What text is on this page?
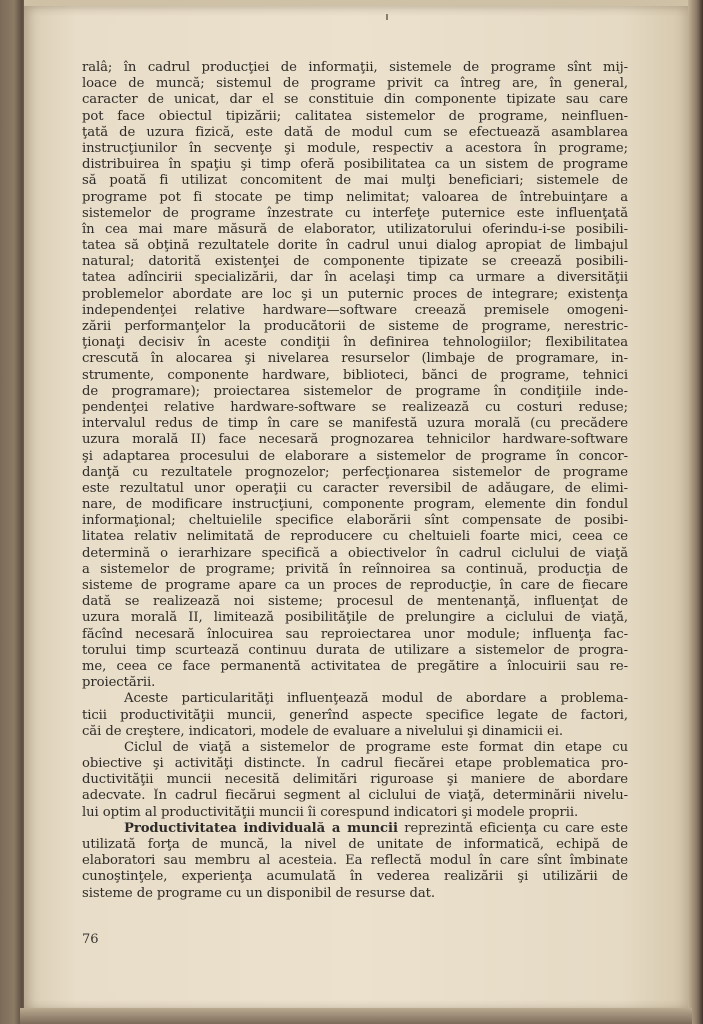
ralâ; în cadrul producţiei de informaţii, sistemele de programe sînt mij-
loace de muncă; sistemul de programe privit ca întreg are, în general,
caracter de unicat, dar el se constituie din componente tipizate sau care
pot face obiectul tipizării; calitatea sistemelor de programe, neinfluen-
ţată de uzura fizică, este dată de modul cum se efectuează asamblarea
instrucţiunilor în secvenţe şi module, respectiv a acestora în programe;
distribuirea în spaţiu şi timp oferă posibilitatea ca un sistem de programe
să poată fi utilizat concomitent de mai mulţi beneficiari; sistemele de
programe pot fi stocate pe timp nelimitat; valoarea de întrebuinţare a
sistemelor de programe înzestrate cu interfeţe puternice este influenţată
în cea mai mare măsură de elaborator, utilizatorului oferindu-i-se posibili-
tatea să obţină rezultatele dorite în cadrul unui dialog apropiat de limbajul
natural; datorită existenţei de componente tipizate se creează posibili-
tatea adîncirii specializării, dar în acelaşi timp ca urmare a diversităţii
problemelor abordate are loc şi un puternic proces de integrare; existenţa
independenţei relative hardware—software creează premisele omogeni-
zării performanţelor la producătorii de sisteme de programe, nerestric-
ţionaţi decisiv în aceste condiţii în definirea tehnologiilor; flexibilitatea
crescută în alocarea şi nivelarea resurselor (limbaje de programare, in-
strumente, componente hardware, biblioteci, bănci de programe, tehnici
de programare); proiectarea sistemelor de programe în condiţiile inde-
pendenţei relative hardware-software se realizează cu costuri reduse;
intervalul redus de timp în care se manifestă uzura morală (cu precădere
uzura morală II) face necesară prognozarea tehnicilor hardware-software
şi adaptarea procesului de elaborare a sistemelor de programe în concor-
danţă cu rezultatele prognozelor; perfecţionarea sistemelor de programe
este rezultatul unor operaţii cu caracter reversibil de adăugare, de elimi-
nare, de modificare instrucţiuni, componente program, elemente din fondul
informaţional; cheltuielile specifice elaborării sînt compensate de posibi-
litatea relativ nelimitată de reproducere cu cheltuieli foarte mici, ceea ce
determină o ierarhizare specifică a obiectivelor în cadrul ciclului de viaţă
a sistemelor de programe; privită în reînnoirea sa continuă, producţia de
sisteme de programe apare ca un proces de reproducţie, în care de fiecare
dată se realizează noi sisteme; procesul de mentenanţă, influenţat de
uzura morală II, limitează posibilităţile de prelungire a ciclului de viaţă,
făcînd necesară înlocuirea sau reproiectarea unor module; influenţa fac-
torului timp scurtează continuu durata de utilizare a sistemelor de progra-
me, ceea ce face permanentă activitatea de pregătire a înlocuirii sau re-
proiectării.
Aceste particularităţi influenţează modul de abordare a problema-
ticii productivităţii muncii, generînd aspecte specifice legate de factori,
căi de creştere, indicatori, modele de evaluare a nivelului şi dinamicii ei.
Ciclul de viaţă a sistemelor de programe este format din etape cu
obiective şi activităţi distincte. În cadrul fiecărei etape problematica pro-
ductivităţii muncii necesită delimitări riguroase şi maniere de abordare
adecvate. În cadrul fiecărui segment al ciclului de viaţă, determinării nivelu-
lui optim al productivităţii muncii îi corespund indicatori şi modele proprii.
Productivitatea individuală a muncii reprezintă eficienţa cu care este
utilizată forţa de muncă, la nivel de unitate de informatică, echipă de
elaboratori sau membru al acesteia. Ea reflectă modul în care sînt îmbinate
cunoştinţele, experienţa acumulată în vederea realizării şi utilizării de
sisteme de programe cu un disponibil de resurse dat.
76
